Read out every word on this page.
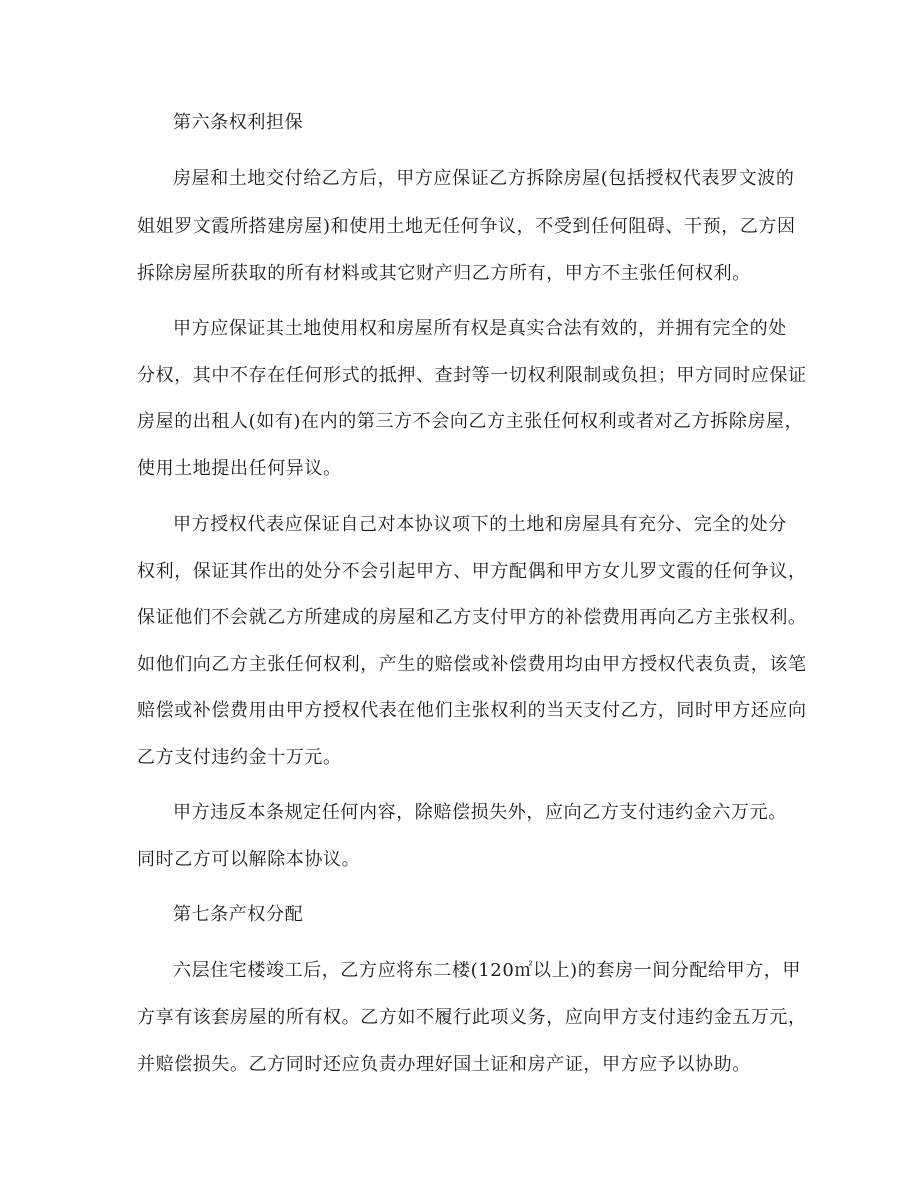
第六条权利担保
房屋和土地交付给乙方后，甲方应保证乙方拆除房屋(包括授权代表罗文波的
姐姐罗文霞所搭建房屋)和使用土地无任何争议，不受到任何阻碍、干预，乙方因
拆除房屋所获取的所有材料或其它财产归乙方所有，甲方不主张任何权利。
甲方应保证其土地使用权和房屋所有权是真实合法有效的，并拥有完全的处
分权，其中不存在任何形式的抵押、查封等一切权利限制或负担；甲方同时应保证
房屋的出租人(如有)在内的第三方不会向乙方主张任何权利或者对乙方拆除房屋，
使用土地提出任何异议。
甲方授权代表应保证自己对本协议项下的土地和房屋具有充分、完全的处分
权利，保证其作出的处分不会引起甲方、甲方配偶和甲方女儿罗文霞的任何争议，
保证他们不会就乙方所建成的房屋和乙方支付甲方的补偿费用再向乙方主张权利。
如他们向乙方主张任何权利，产生的赔偿或补偿费用均由甲方授权代表负责，该笔
赔偿或补偿费用由甲方授权代表在他们主张权利的当天支付乙方，同时甲方还应向
乙方支付违约金十万元。
甲方违反本条规定任何内容，除赔偿损失外，应向乙方支付违约金六万元。
同时乙方可以解除本协议。
第七条产权分配
六层住宅楼竣工后，乙方应将东二楼(120㎡以上)的套房一间分配给甲方，甲
方享有该套房屋的所有权。乙方如不履行此项义务，应向甲方支付违约金五万元，
并赔偿损失。乙方同时还应负责办理好国土证和房产证，甲方应予以协助。
